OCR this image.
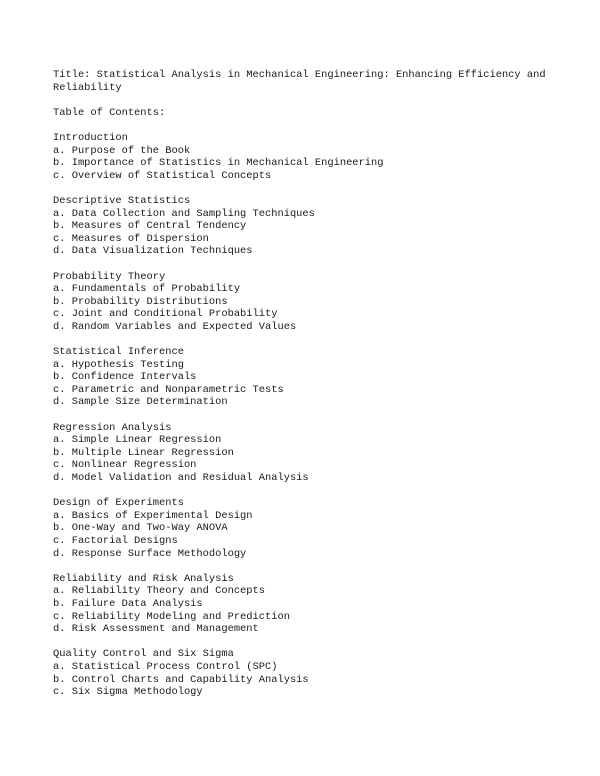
Title: Statistical Analysis in Mechanical Engineering: Enhancing Efficiency and
Reliability
Table of Contents:
Introduction
a. Purpose of the Book
b. Importance of Statistics in Mechanical Engineering
c. Overview of Statistical Concepts
Descriptive Statistics
a. Data Collection and Sampling Techniques
b. Measures of Central Tendency
c. Measures of Dispersion
d. Data Visualization Techniques
Probability Theory
a. Fundamentals of Probability
b. Probability Distributions
c. Joint and Conditional Probability
d. Random Variables and Expected Values
Statistical Inference
a. Hypothesis Testing
b. Confidence Intervals
c. Parametric and Nonparametric Tests
d. Sample Size Determination
Regression Analysis
a. Simple Linear Regression
b. Multiple Linear Regression
c. Nonlinear Regression
d. Model Validation and Residual Analysis
Design of Experiments
a. Basics of Experimental Design
b. One-Way and Two-Way ANOVA
c. Factorial Designs
d. Response Surface Methodology
Reliability and Risk Analysis
a. Reliability Theory and Concepts
b. Failure Data Analysis
c. Reliability Modeling and Prediction
d. Risk Assessment and Management
Quality Control and Six Sigma
a. Statistical Process Control (SPC)
b. Control Charts and Capability Analysis
c. Six Sigma Methodology
